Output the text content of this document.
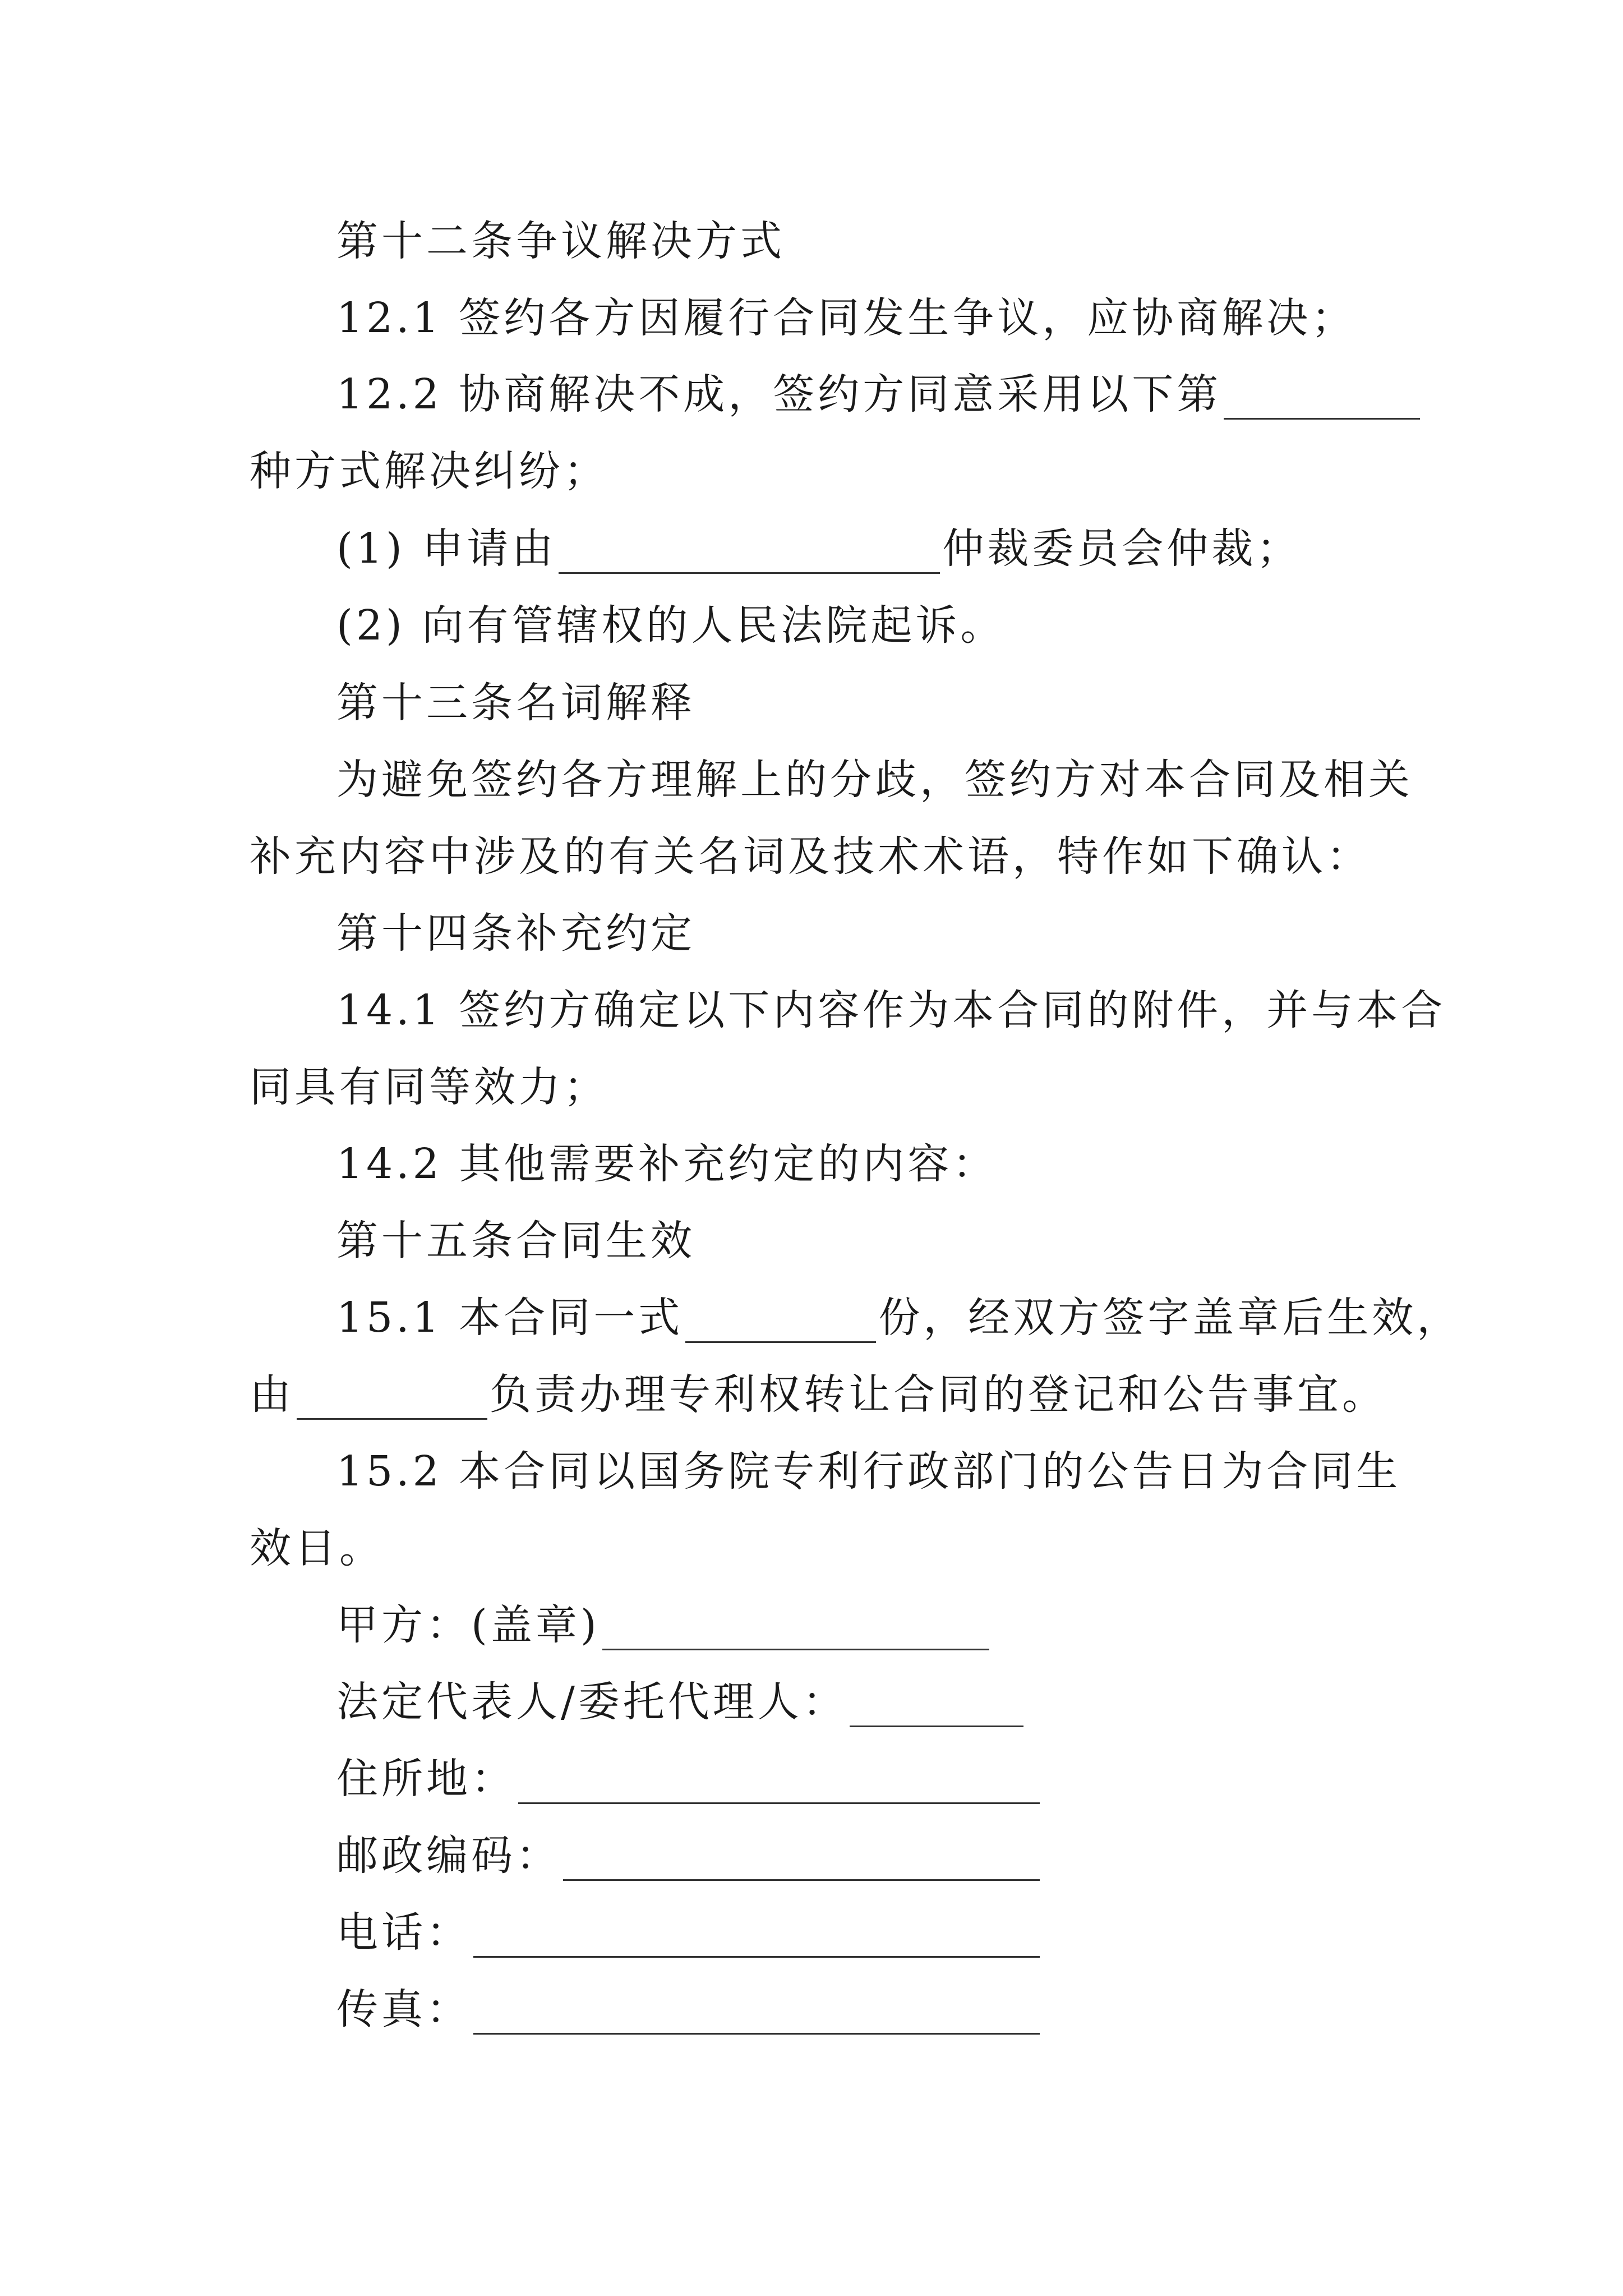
第十二条争议解决方式
12.1 签约各方因履行合同发生争议，应协商解决；
12.2 协商解决不成，签约方同意采用以下第
种方式解决纠纷；
(1) 申请由	仲裁委员会仲裁；
(2) 向有管辖权的人民法院起诉。
第十三条名词解释
为避免签约各方理解上的分歧，签约方对本合同及相关
补充内容中涉及的有关名词及技术术语，特作如下确认：
第十四条补充约定
14.1 签约方确定以下内容作为本合同的附件，并与本合
同具有同等效力；
14.2 其他需要补充约定的内容：
第十五条合同生效
15.1 本合同一式	份，经双方签字盖章后生效，
由	负责办理专利权转让合同的登记和公告事宜。
15.2 本合同以国务院专利行政部门的公告日为合同生
效日。
甲方：(盖章)
法定代表人/委托代理人：
住所地：
邮政编码：
电话：
传真：
